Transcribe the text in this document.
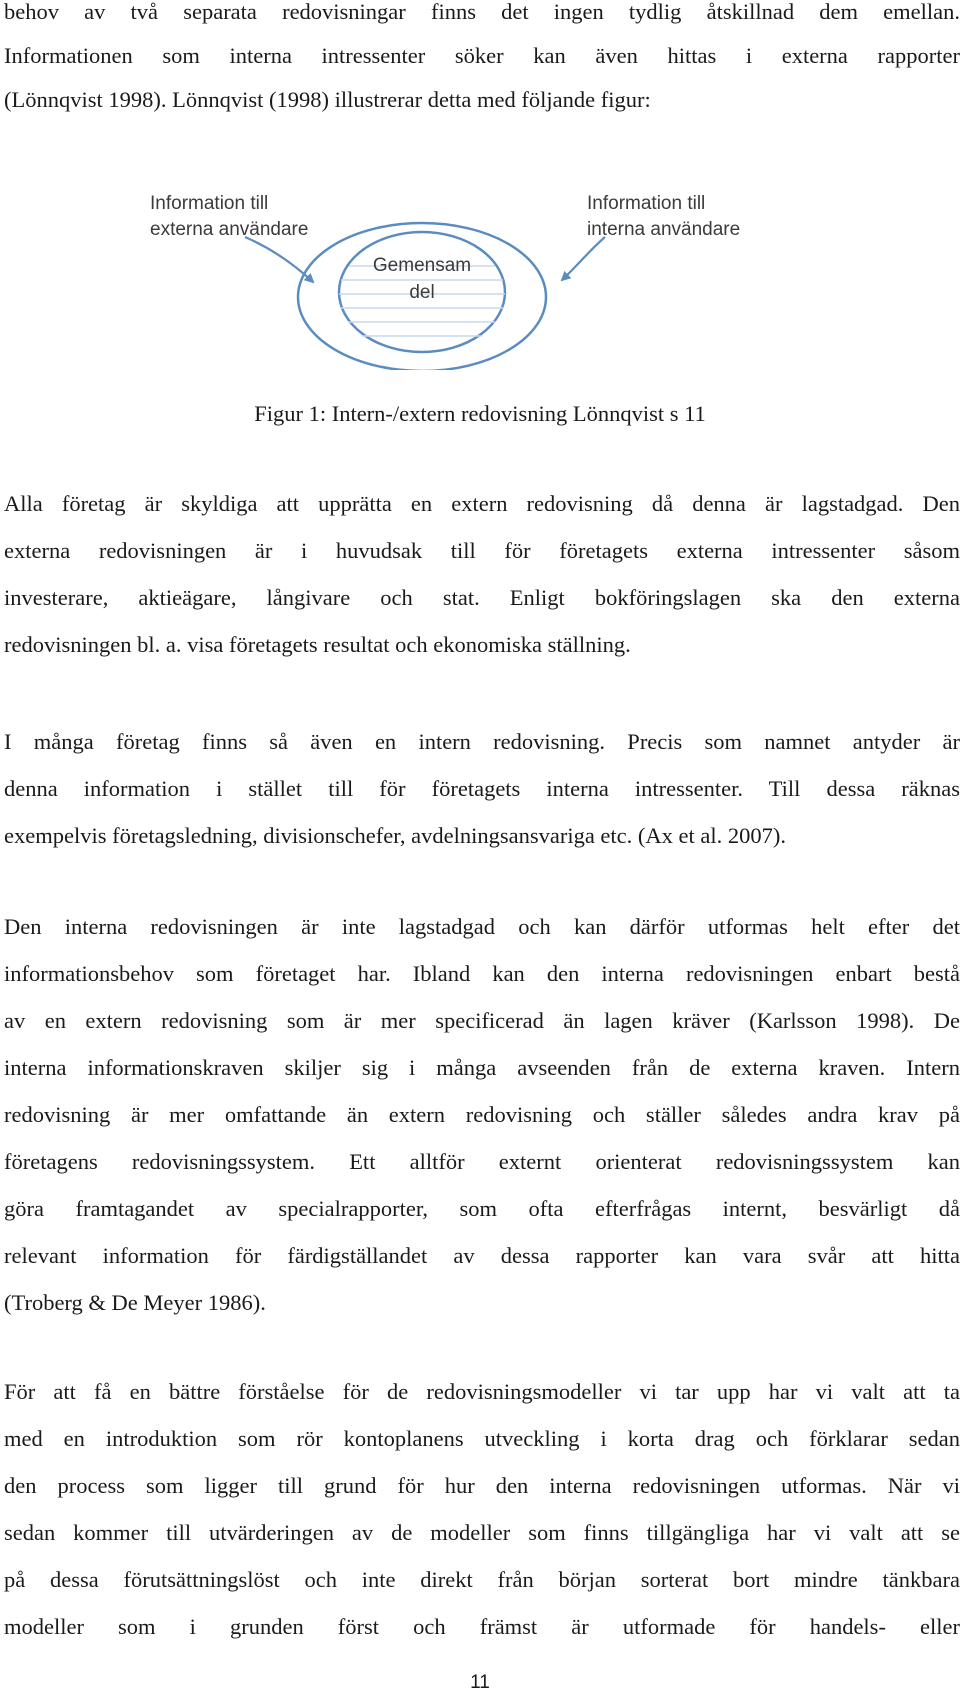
behov av två separata redovisningar finns det ingen tydlig åtskillnad dem emellan.
Informationen som interna intressenter söker kan även hittas i externa rapporter
(Lönnqvist 1998). Lönnqvist (1998) illustrerar detta med följande figur:
Information till
externa användare
Information till
interna användare
Gemensam
del

Figur 1: Intern-/extern redovisning Lönnqvist s 11

Alla företag är skyldiga att upprätta en extern redovisning då denna är lagstadgad. Den
externa redovisningen är i huvudsak till för företagets externa intressenter såsom
investerare, aktieägare, långivare och stat. Enligt bokföringslagen ska den externa
redovisningen bl. a. visa företagets resultat och ekonomiska ställning.
I många företag finns så även en intern redovisning. Precis som namnet antyder är
denna information i stället till för företagets interna intressenter. Till dessa räknas
exempelvis företagsledning, divisionschefer, avdelningsansvariga etc. (Ax et al. 2007).
Den interna redovisningen är inte lagstadgad och kan därför utformas helt efter det
informationsbehov som företaget har. Ibland kan den interna redovisningen enbart bestå
av en extern redovisning som är mer specificerad än lagen kräver (Karlsson 1998). De
interna informationskraven skiljer sig i många avseenden från de externa kraven. Intern
redovisning är mer omfattande än extern redovisning och ställer således andra krav på
företagens redovisningssystem. Ett alltför externt orienterat redovisningssystem kan
göra framtagandet av specialrapporter, som ofta efterfrågas internt, besvärligt då
relevant information för färdigställandet av dessa rapporter kan vara svår att hitta
(Troberg & De Meyer 1986).
För att få en bättre förståelse för de redovisningsmodeller vi tar upp har vi valt att ta
med en introduktion som rör kontoplanens utveckling i korta drag och förklarar sedan
den process som ligger till grund för hur den interna redovisningen utformas. När vi
sedan kommer till utvärderingen av de modeller som finns tillgängliga har vi valt att se
på dessa förutsättningslöst och inte direkt från början sorterat bort mindre tänkbara
modeller som i grunden först och främst är utformade för handels- eller
11
